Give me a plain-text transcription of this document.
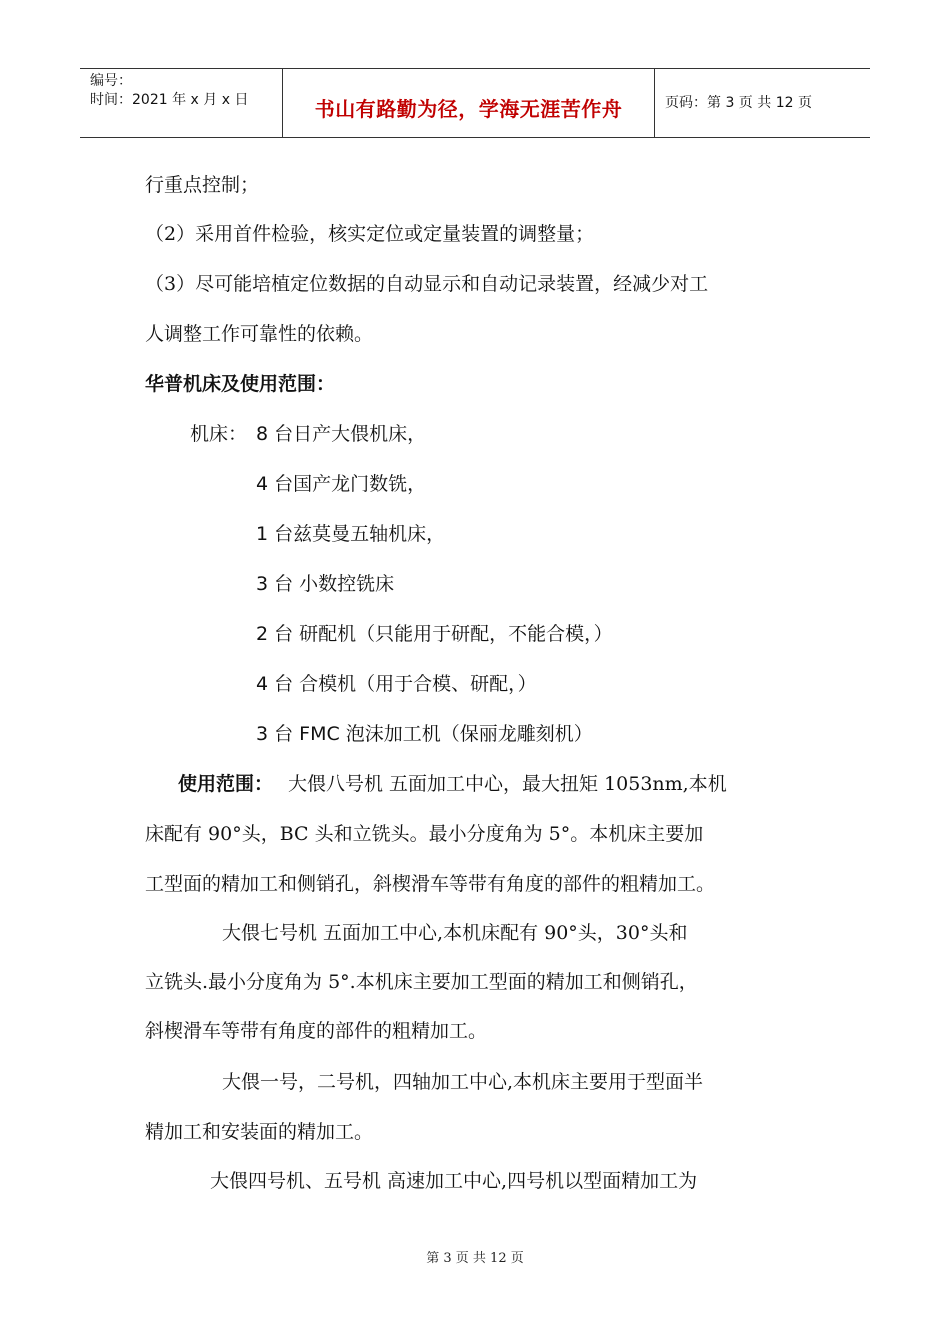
编号：
时间：2021 年 x 月 x 日	书山有路勤为径，学海无涯苦作舟	页码：第 3 页 共 12 页
行重点控制；
（2）采用首件检验，核实定位或定量装置的调整量；
（3）尽可能培植定位数据的自动显示和自动记录装置，经减少对工
人调整工作可靠性的依赖。
华普机床及使用范围：
机床： 8 台日产大偎机床，
4 台国产龙门数铣，
1 台兹莫曼五轴机床，
3 台 小数控铣床
2 台 研配机（只能用于研配，不能合模，）
4 台 合模机（用于合模、研配，）
3 台 FMC 泡沫加工机（保丽龙雕刻机）
使用范围： 大偎八号机 五面加工中心，最大扭矩 1053nm,本机
床配有 90°头，BC 头和立铣头。最小分度角为 5°。本机床主要加
工型面的精加工和侧销孔，斜楔滑车等带有角度的部件的粗精加工。
大偎七号机 五面加工中心,本机床配有 90°头，30°头和
立铣头.最小分度角为 5°.本机床主要加工型面的精加工和侧销孔，
斜楔滑车等带有角度的部件的粗精加工。
大偎一号，二号机，四轴加工中心,本机床主要用于型面半
精加工和安装面的精加工。
大偎四号机、五号机 高速加工中心,四号机以型面精加工为
第 3 页 共 12 页
